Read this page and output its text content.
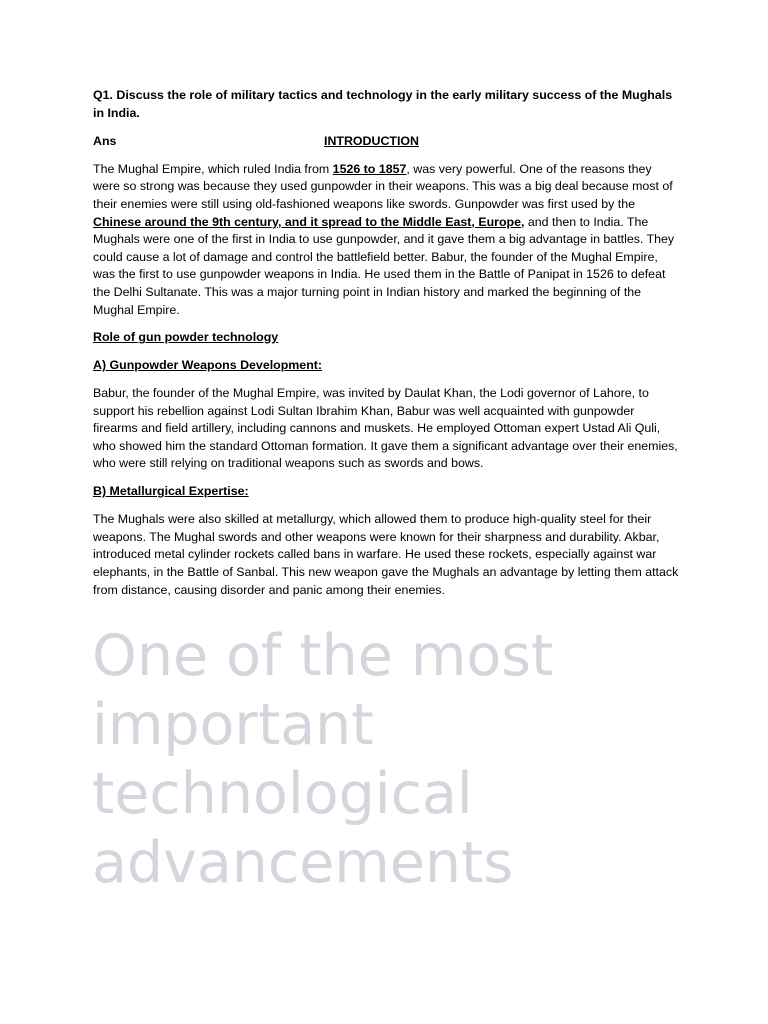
Q1. Discuss the role of military tactics and technology in the early military success of the Mughals in India.

Ans	INTRODUCTION

The Mughal Empire, which ruled India from 1526 to 1857, was very powerful. One of the reasons they were so strong was because they used gunpowder in their weapons. This was a big deal because most of their enemies were still using old-fashioned weapons like swords. Gunpowder was first used by the Chinese around the 9th century, and it spread to the Middle East, Europe, and then to India. The Mughals were one of the first in India to use gunpowder, and it gave them a big advantage in battles. They could cause a lot of damage and control the battlefield better. Babur, the founder of the Mughal Empire, was the first to use gunpowder weapons in India. He used them in the Battle of Panipat in 1526 to defeat the Delhi Sultanate. This was a major turning point in Indian history and marked the beginning of the Mughal Empire.

Role of gun powder technology

A) Gunpowder Weapons Development:

Babur, the founder of the Mughal Empire, was invited by Daulat Khan, the Lodi governor of Lahore, to support his rebellion against Lodi Sultan Ibrahim Khan, Babur was well acquainted with gunpowder firearms and field artillery, including cannons and muskets. He employed Ottoman expert Ustad Ali Quli, who showed him the standard Ottoman formation. It gave them a significant advantage over their enemies, who were still relying on traditional weapons such as swords and bows.

B) Metallurgical Expertise:

The Mughals were also skilled at metallurgy, which allowed them to produce high-quality steel for their weapons. The Mughal swords and other weapons were known for their sharpness and durability. Akbar, introduced metal cylinder rockets called bans in warfare. He used these rockets, especially against war elephants, in the Battle of Sanbal. This new weapon gave the Mughals an advantage by letting them attack from distance, causing disorder and panic among their enemies.

One of the most important technological advancements
